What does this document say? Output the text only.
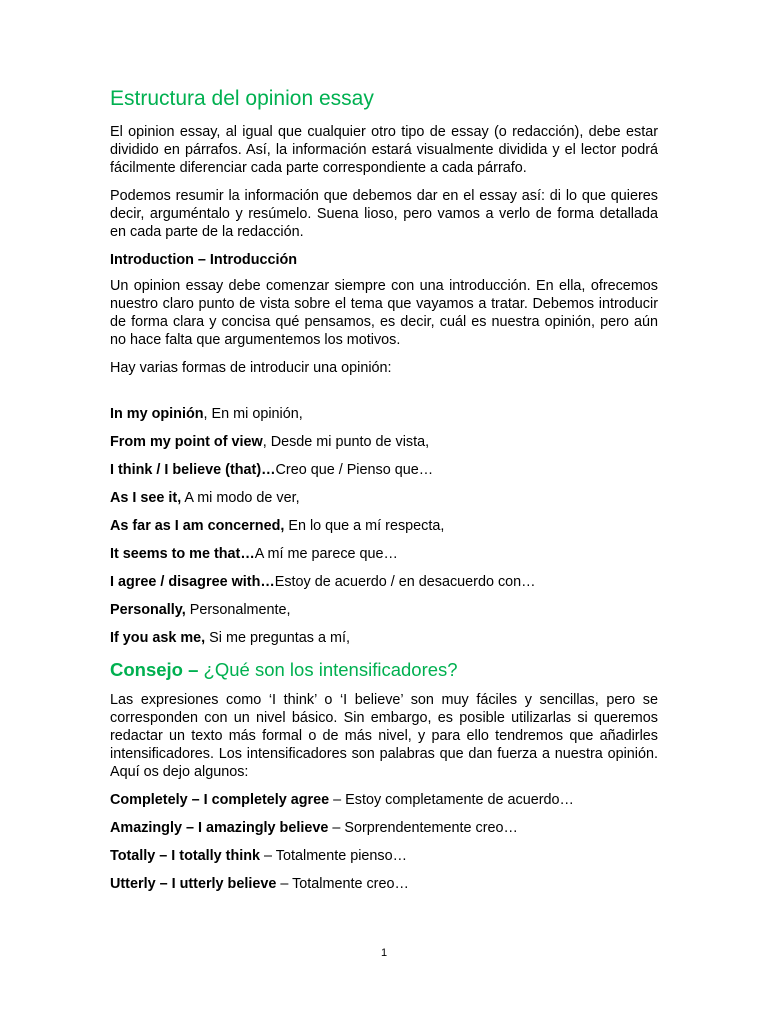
Estructura del opinion essay

El opinion essay, al igual que cualquier otro tipo de essay (o redacción), debe estar dividido en párrafos. Así, la información estará visualmente dividida y el lector podrá fácilmente diferenciar cada parte correspondiente a cada párrafo.

Podemos resumir la información que debemos dar en el essay así: di lo que quieres decir, arguméntalo y resúmelo. Suena lioso, pero vamos a verlo de forma detallada en cada parte de la redacción.

Introduction – Introducción

Un opinion essay debe comenzar siempre con una introducción. En ella, ofrecemos nuestro claro punto de vista sobre el tema que vayamos a tratar. Debemos introducir de forma clara y concisa qué pensamos, es decir, cuál es nuestra opinión, pero aún no hace falta que argumentemos los motivos.

Hay varias formas de introducir una opinión:

In my opinión, En mi opinión,
From my point of view, Desde mi punto de vista,
I think / I believe (that)…Creo que / Pienso que…
As I see it, A mi modo de ver,
As far as I am concerned, En lo que a mí respecta,
It seems to me that…A mí me parece que…
I agree / disagree with…Estoy de acuerdo / en desacuerdo con…
Personally, Personalmente,
If you ask me, Si me preguntas a mí,
Consejo – ¿Qué son los intensificadores?

Las expresiones como ‘I think’ o ‘I believe’ son muy fáciles y sencillas, pero se corresponden con un nivel básico. Sin embargo, es posible utilizarlas si queremos redactar un texto más formal o de más nivel, y para ello tendremos que añadirles intensificadores. Los intensificadores son palabras que dan fuerza a nuestra opinión. Aquí os dejo algunos:

Completely – I completely agree – Estoy completamente de acuerdo…
Amazingly – I amazingly believe – Sorprendentemente creo…
Totally – I totally think – Totalmente pienso…
Utterly – I utterly believe – Totalmente creo…
1
